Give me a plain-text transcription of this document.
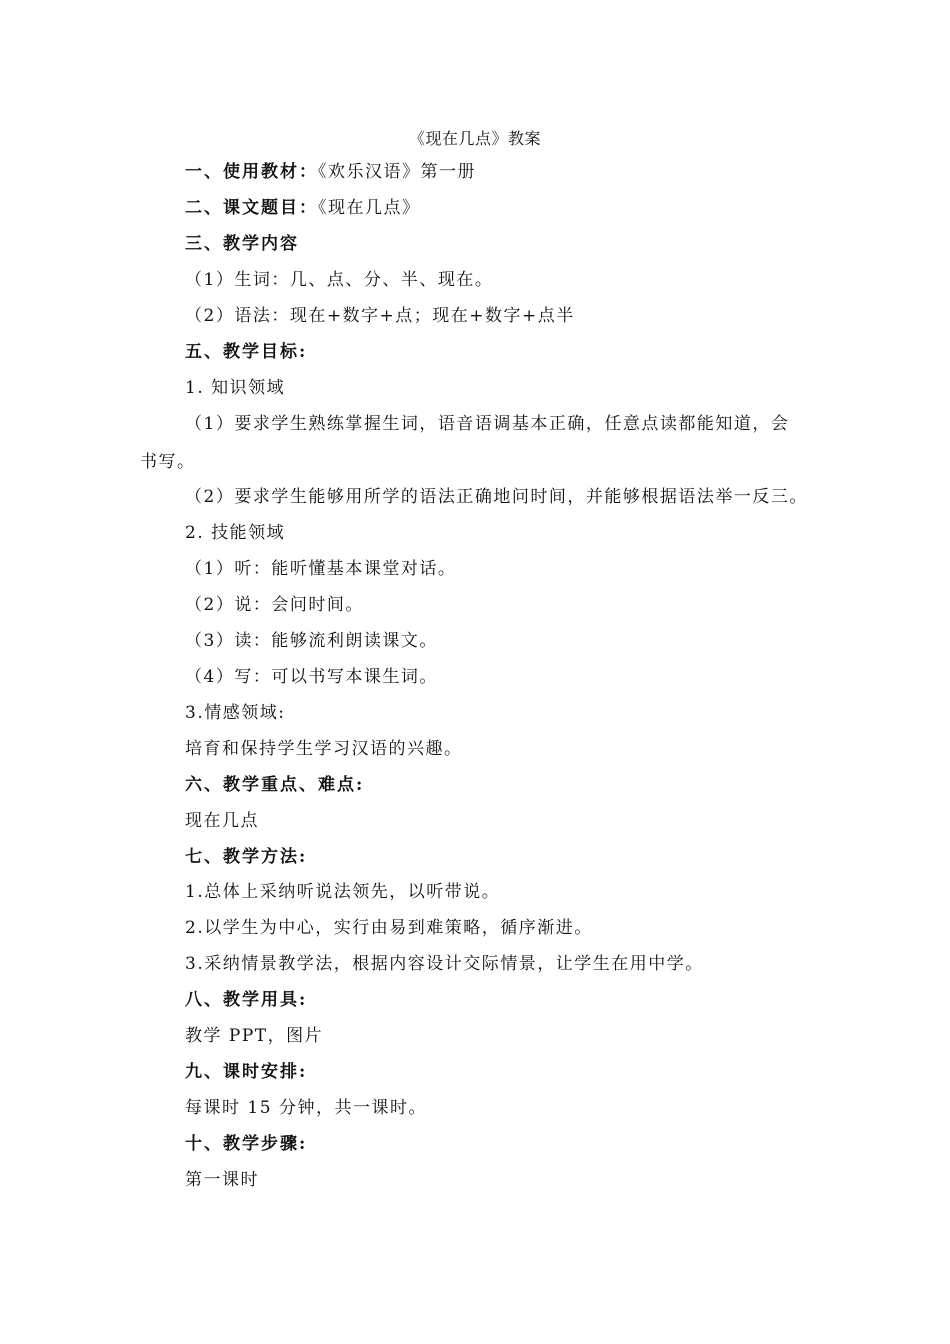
《现在几点》教案
一、使用教材：《欢乐汉语》第一册
二、课文题目：《现在几点》
三、教学内容
（1）生词：几、点、分、半、现在。
（2）语法：现在+数字+点；现在+数字+点半
五、教学目标:
1. 知识领域
（1）要求学生熟练掌握生词，语音语调基本正确，任意点读都能知道，会
书写。
（2）要求学生能够用所学的语法正确地问时间，并能够根据语法举一反三。
2. 技能领域
（1）听：能听懂基本课堂对话。
（2）说：会问时间。
（3）读：能够流利朗读课文。
（4）写：可以书写本课生词。
3.情感领域:
培育和保持学生学习汉语的兴趣。
六、教学重点、难点:
现在几点
七、教学方法:
1.总体上采纳听说法领先，以听带说。
2.以学生为中心，实行由易到难策略，循序渐进。
3.采纳情景教学法，根据内容设计交际情景，让学生在用中学。
八、教学用具:
教学 PPT，图片
九、课时安排:
每课时 15 分钟，共一课时。
十、教学步骤:
第一课时
